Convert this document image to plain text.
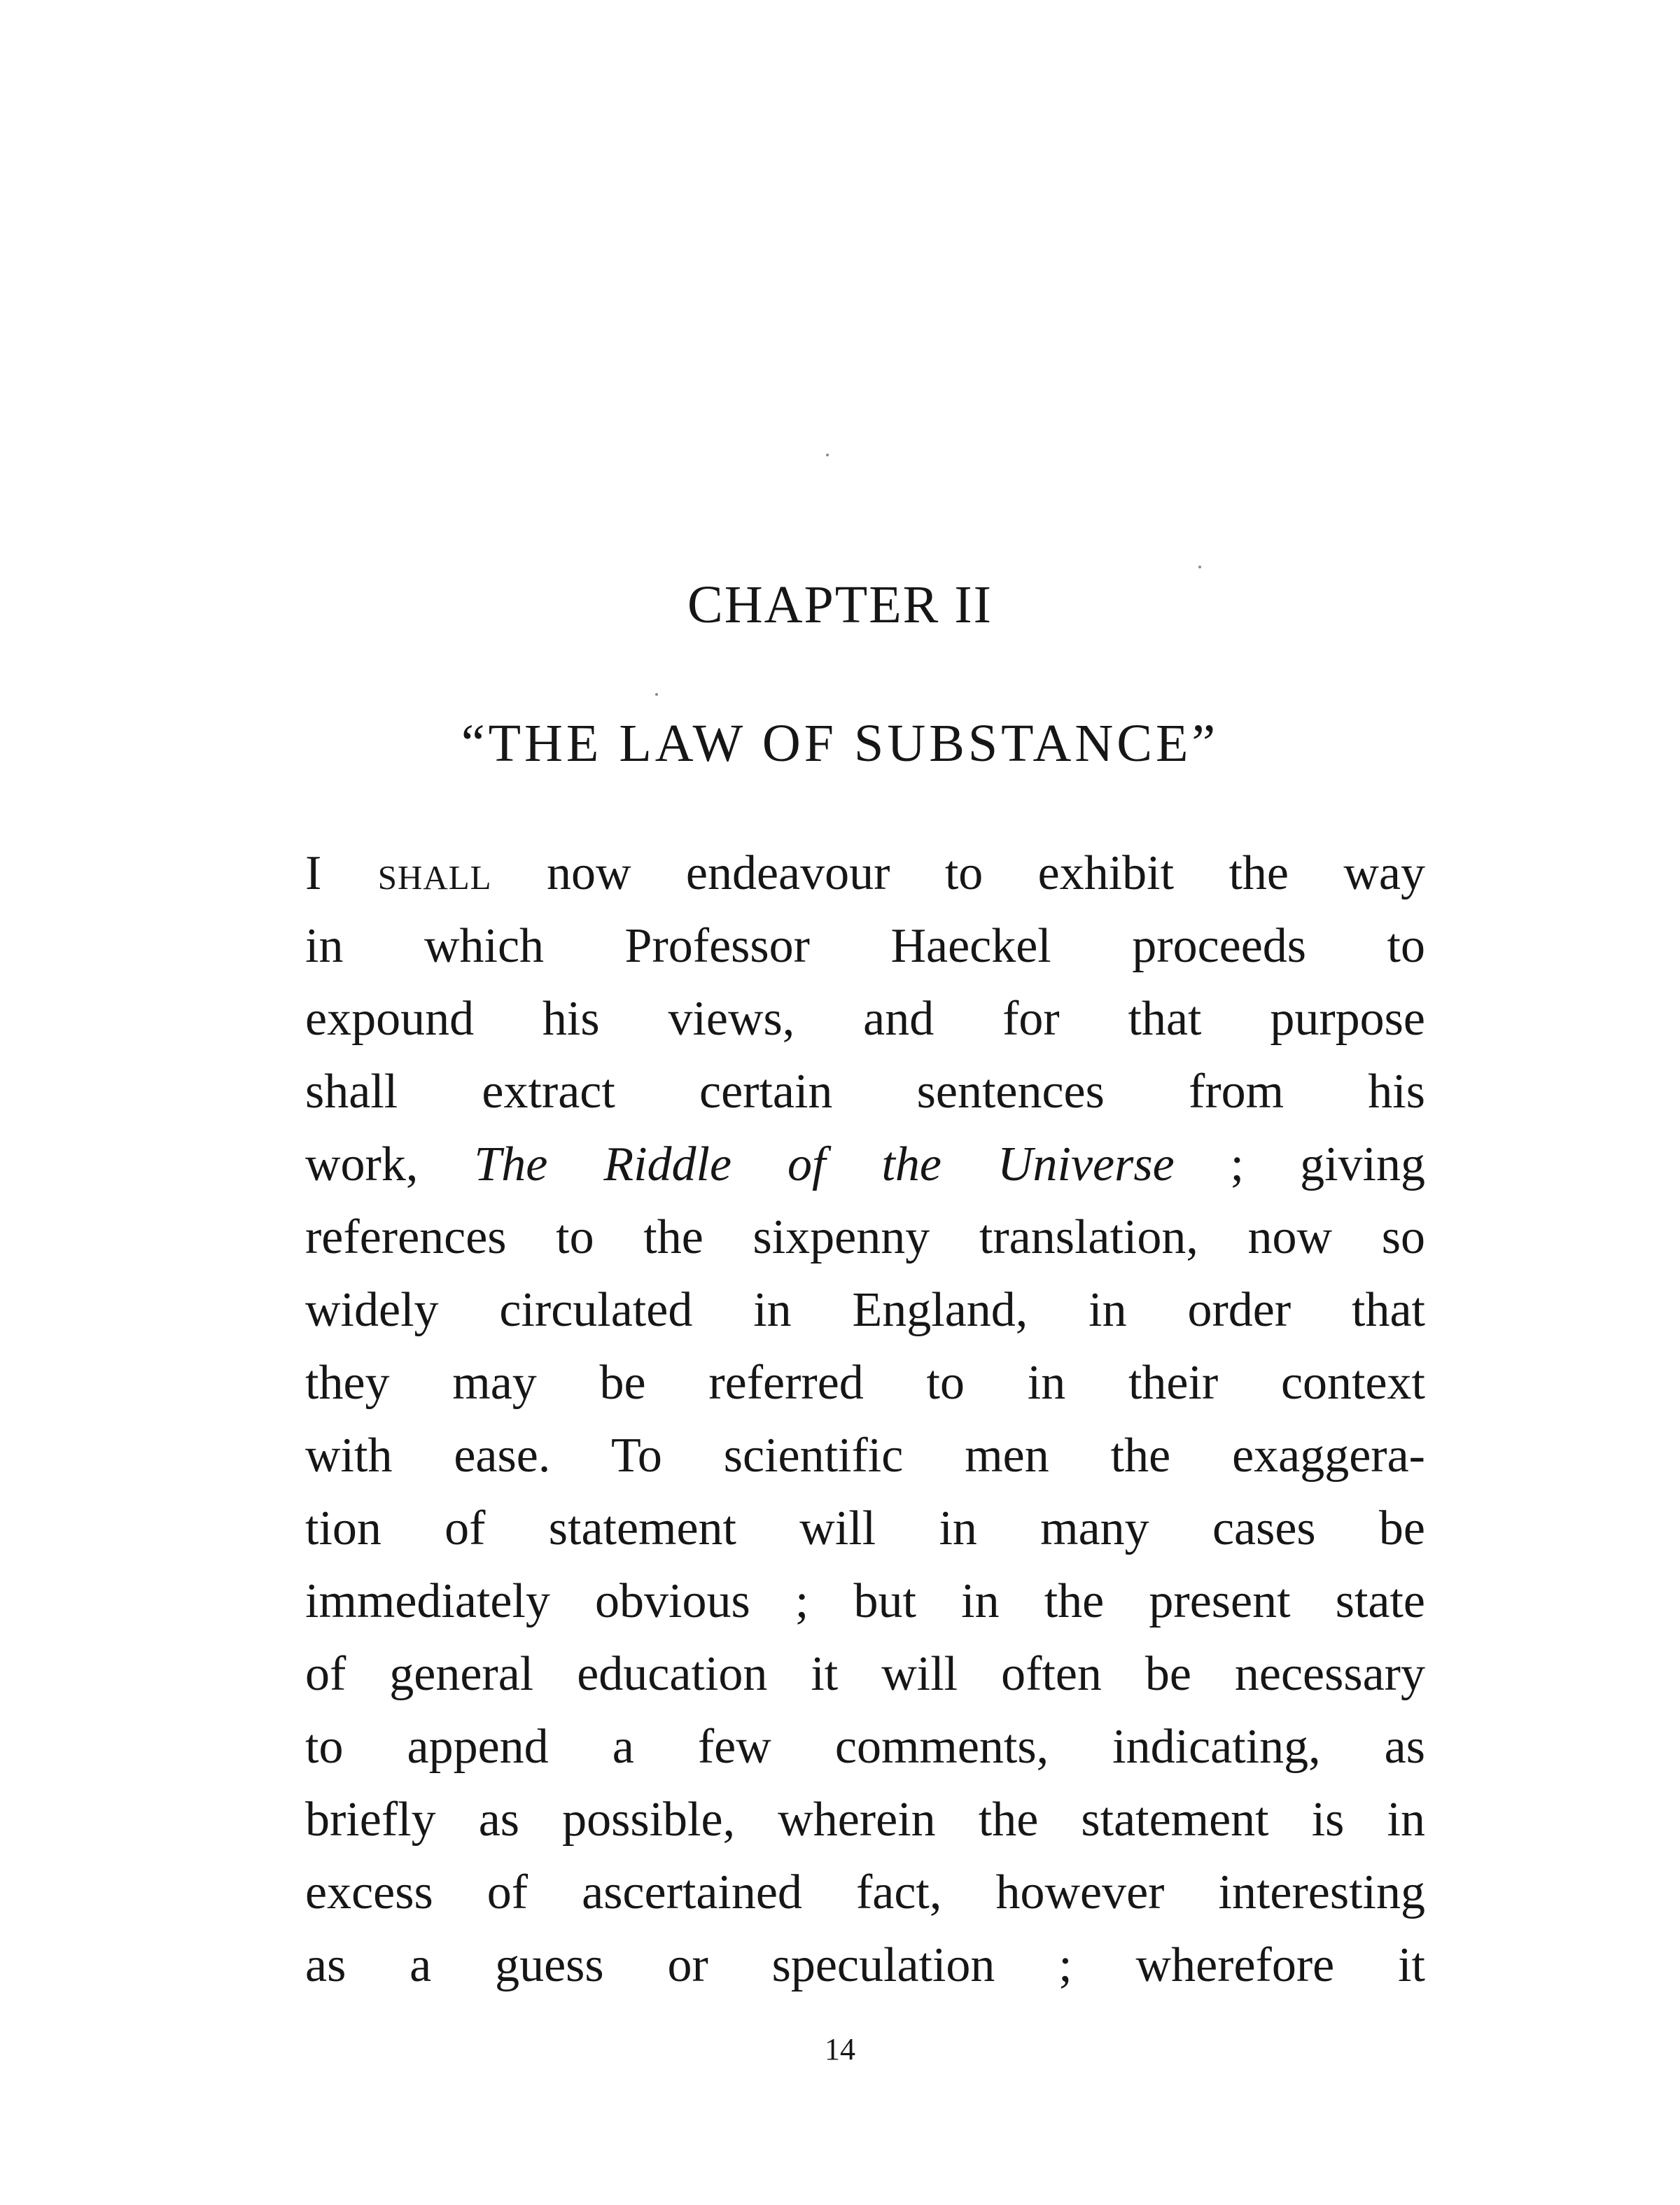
CHAPTER II
“THE LAW OF SUBSTANCE”
I shall now endeavour to exhibit the way
in which Professor Haeckel proceeds to
expound his views, and for that purpose
shall extract certain sentences from his
work, The Riddle of the Universe ; giving
references to the sixpenny translation, now so
widely circulated in England, in order that
they may be referred to in their context
with ease. To scientific men the exaggera-
tion of statement will in many cases be
immediately obvious ; but in the present state
of general education it will often be necessary
to append a few comments, indicating, as
briefly as possible, wherein the statement is in
excess of ascertained fact, however interesting
as a guess or speculation ; wherefore it
14
